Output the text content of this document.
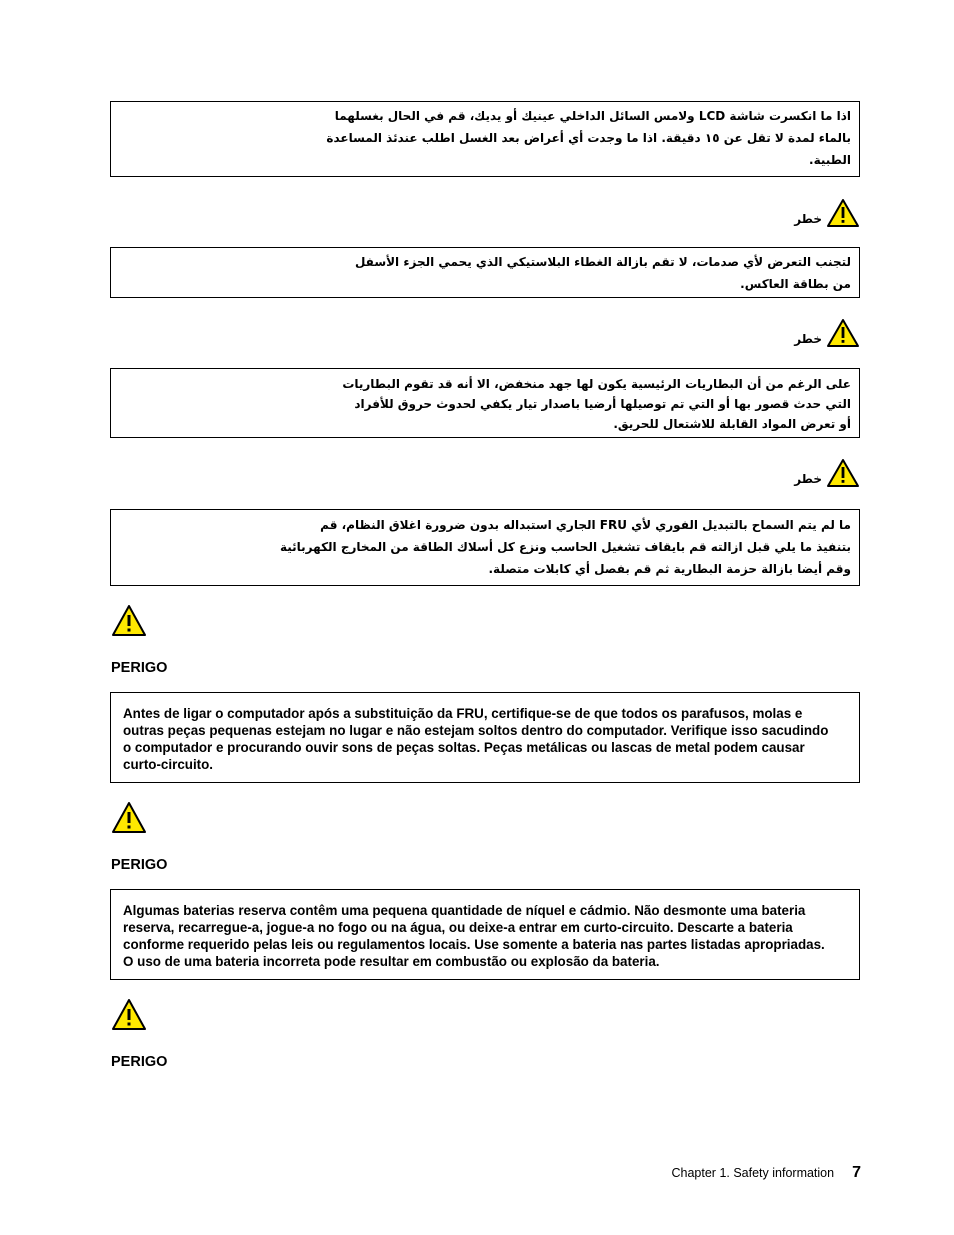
اذا ما انكسرت شاشة LCD ولامس السائل الداخلي عينيك أو يديك، قم في الحال بغسلهما
بالماء لمدة لا تقل عن ١٥ دقيقة. اذا ما وجدت أي أعراض بعد الغسل اطلب عندئذ المساعدة
الطبية.
خطر
لتجنب التعرض لأي صدمات، لا تقم بازالة الغطاء البلاستيكي الذي يحمي الجزء الأسفل
من بطاقة العاكس.
خطر
على الرغم من أن البطاريات الرئيسية يكون لها جهد منخفض، الا أنه قد تقوم البطاريات
التي حدث قصور بها أو التي تم توصيلها أرضيا باصدار تيار يكفي لحدوث حروق للأفراد
أو تعرض المواد القابلة للاشتعال للحريق.
خطر
ما لم يتم السماح بالتبديل الفوري لأي FRU الجاري استبداله بدون ضرورة اغلاق النظام، قم
بتنفيذ ما يلي قبل ازالته قم بايقاف تشغيل الحاسب ونزع كل أسلاك الطاقة من المخارج الكهربائية
وقم أيضا بازالة حزمة البطارية ثم قم بفصل أي كابلات متصلة.
PERIGO
Antes de ligar o computador após a substituição da FRU, certifique-se de que todos os parafusos, molas e
outras peças pequenas estejam no lugar e não estejam soltos dentro do computador. Verifique isso sacudindo
o computador e procurando ouvir sons de peças soltas. Peças metálicas ou lascas de metal podem causar
curto-circuito.
PERIGO
Algumas baterias reserva contêm uma pequena quantidade de níquel e cádmio. Não desmonte uma bateria
reserva, recarregue-a, jogue-a no fogo ou na água, ou deixe-a entrar em curto-circuito. Descarte a bateria
conforme requerido pelas leis ou regulamentos locais. Use somente a bateria nas partes listadas apropriadas.
O uso de uma bateria incorreta pode resultar em combustão ou explosão da bateria.
PERIGO
Chapter 1. Safety information 7
